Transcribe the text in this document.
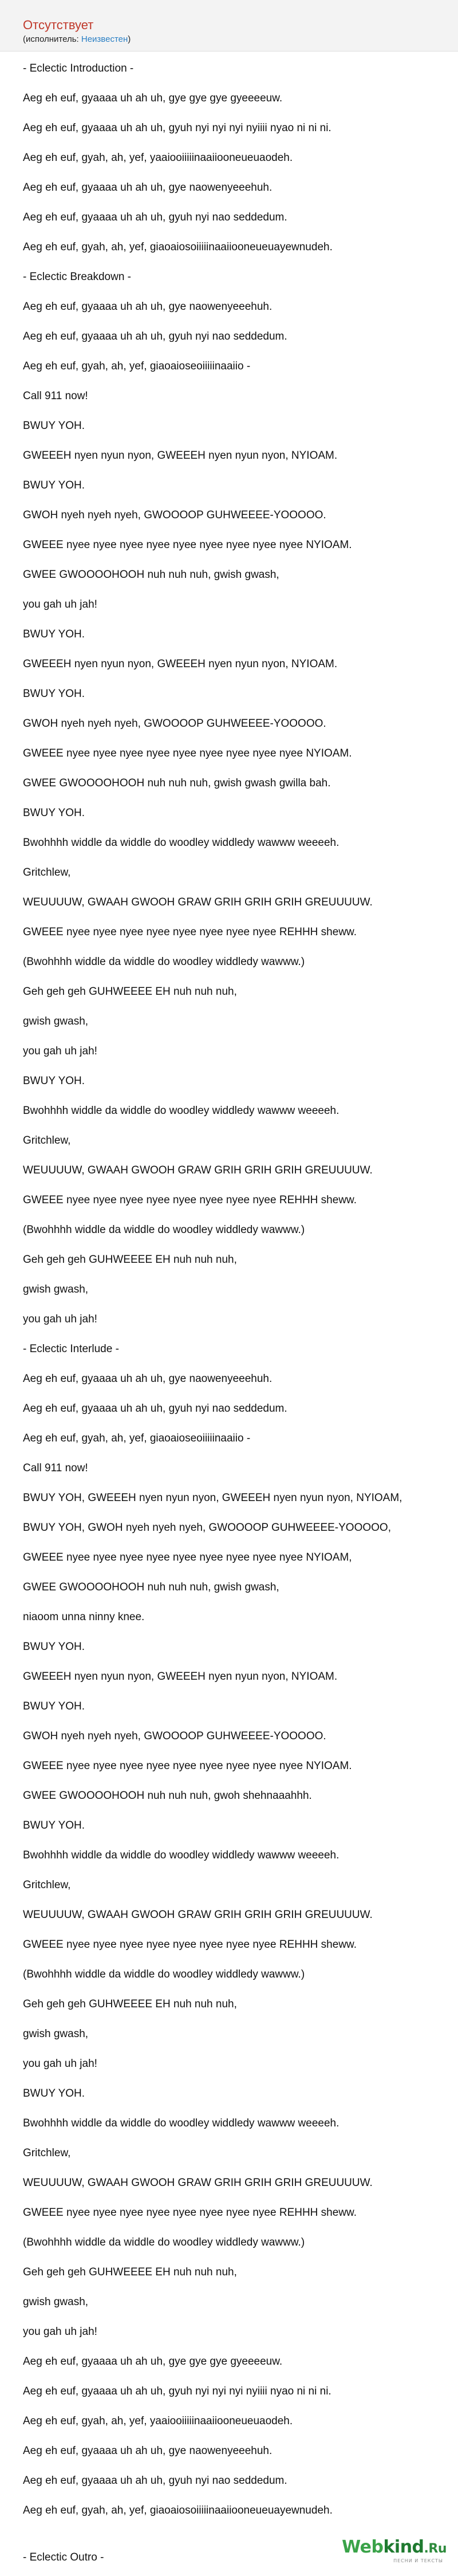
Отсутствует
(исполнитель: Неизвестен)

- Eclectic Introduction -

Aeg eh euf, gyaaaa uh ah uh, gye gye gye gyeeeeuw.

Aeg eh euf, gyaaaa uh ah uh, gyuh nyi nyi nyi nyiiii nyao ni ni ni.

Aeg eh euf, gyah, ah, yef, yaaiooiiiiinaaiiooneueuaodeh.

Aeg eh euf, gyaaaa uh ah uh, gye naowenyeeehuh.

Aeg eh euf, gyaaaa uh ah uh, gyuh nyi nao seddedum.

Aeg eh euf, gyah, ah, yef, giaoaiosoiiiiinaaiiooneueuayewnudeh.

- Eclectic Breakdown -

Aeg eh euf, gyaaaa uh ah uh, gye naowenyeeehuh.

Aeg eh euf, gyaaaa uh ah uh, gyuh nyi nao seddedum.

Aeg eh euf, gyah, ah, yef, giaoaioseoiiiiinaaiio -

Call 911 now!

BWUY YOH.

GWEEEH nyen nyun nyon, GWEEEH nyen nyun nyon, NYIOAM.

BWUY YOH.

GWOH nyeh nyeh nyeh, GWOOOOP GUHWEEEE-YOOOOO.

GWEEE nyee nyee nyee nyee nyee nyee nyee nyee nyee NYIOAM.

GWEE GWOOOOHOOH nuh nuh nuh, gwish gwash,

you gah uh jah!

BWUY YOH.

GWEEEH nyen nyun nyon, GWEEEH nyen nyun nyon, NYIOAM.

BWUY YOH.

GWOH nyeh nyeh nyeh, GWOOOOP GUHWEEEE-YOOOOO.

GWEEE nyee nyee nyee nyee nyee nyee nyee nyee nyee NYIOAM.

GWEE GWOOOOHOOH nuh nuh nuh, gwish gwash gwilla bah.

BWUY YOH.

Bwohhhh widdle da widdle do woodley widdledy wawww weeeeh.

Gritchlew,

WEUUUUW, GWAAH GWOOH GRAW GRIH GRIH GRIH GREUUUUW.

GWEEE nyee nyee nyee nyee nyee nyee nyee nyee REHHH sheww.

(Bwohhhh widdle da widdle do woodley widdledy wawww.)

Geh geh geh GUHWEEEE EH nuh nuh nuh,

gwish gwash,

you gah uh jah!

BWUY YOH.

Bwohhhh widdle da widdle do woodley widdledy wawww weeeeh.

Gritchlew,

WEUUUUW, GWAAH GWOOH GRAW GRIH GRIH GRIH GREUUUUW.

GWEEE nyee nyee nyee nyee nyee nyee nyee nyee REHHH sheww.

(Bwohhhh widdle da widdle do woodley widdledy wawww.)

Geh geh geh GUHWEEEE EH nuh nuh nuh,

gwish gwash,

you gah uh jah!

- Eclectic Interlude -

Aeg eh euf, gyaaaa uh ah uh, gye naowenyeeehuh.

Aeg eh euf, gyaaaa uh ah uh, gyuh nyi nao seddedum.

Aeg eh euf, gyah, ah, yef, giaoaioseoiiiiinaaiio -

Call 911 now!

BWUY YOH, GWEEEH nyen nyun nyon, GWEEEH nyen nyun nyon, NYIOAM,

BWUY YOH, GWOH nyeh nyeh nyeh, GWOOOOP GUHWEEEE-YOOOOO,

GWEEE nyee nyee nyee nyee nyee nyee nyee nyee nyee NYIOAM,

GWEE GWOOOOHOOH nuh nuh nuh, gwish gwash,

niaoom unna ninny knee.

BWUY YOH.

GWEEEH nyen nyun nyon, GWEEEH nyen nyun nyon, NYIOAM.

BWUY YOH.

GWOH nyeh nyeh nyeh, GWOOOOP GUHWEEEE-YOOOOO.

GWEEE nyee nyee nyee nyee nyee nyee nyee nyee nyee NYIOAM.

GWEE GWOOOOHOOH nuh nuh nuh, gwoh shehnaaahhh.

BWUY YOH.

Bwohhhh widdle da widdle do woodley widdledy wawww weeeeh.

Gritchlew,

WEUUUUW, GWAAH GWOOH GRAW GRIH GRIH GRIH GREUUUUW.

GWEEE nyee nyee nyee nyee nyee nyee nyee nyee REHHH sheww.

(Bwohhhh widdle da widdle do woodley widdledy wawww.)

Geh geh geh GUHWEEEE EH nuh nuh nuh,

gwish gwash,

you gah uh jah!

BWUY YOH.

Bwohhhh widdle da widdle do woodley widdledy wawww weeeeh.

Gritchlew,

WEUUUUW, GWAAH GWOOH GRAW GRIH GRIH GRIH GREUUUUW.

GWEEE nyee nyee nyee nyee nyee nyee nyee nyee REHHH sheww.

(Bwohhhh widdle da widdle do woodley widdledy wawww.)

Geh geh geh GUHWEEEE EH nuh nuh nuh,

gwish gwash,

you gah uh jah!

Aeg eh euf, gyaaaa uh ah uh, gye gye gye gyeeeeuw.

Aeg eh euf, gyaaaa uh ah uh, gyuh nyi nyi nyi nyiiii nyao ni ni ni.

Aeg eh euf, gyah, ah, yef, yaaiooiiiiinaaiiooneueuaodeh.

Aeg eh euf, gyaaaa uh ah uh, gye naowenyeeehuh.

Aeg eh euf, gyaaaa uh ah uh, gyuh nyi nao seddedum.

Aeg eh euf, gyah, ah, yef, giaoaiosoiiiiinaaiiooneueuayewnudeh.

- Eclectic Outro -
Webkind.Ru
ПЕСНИ И ТЕКСТЫ
